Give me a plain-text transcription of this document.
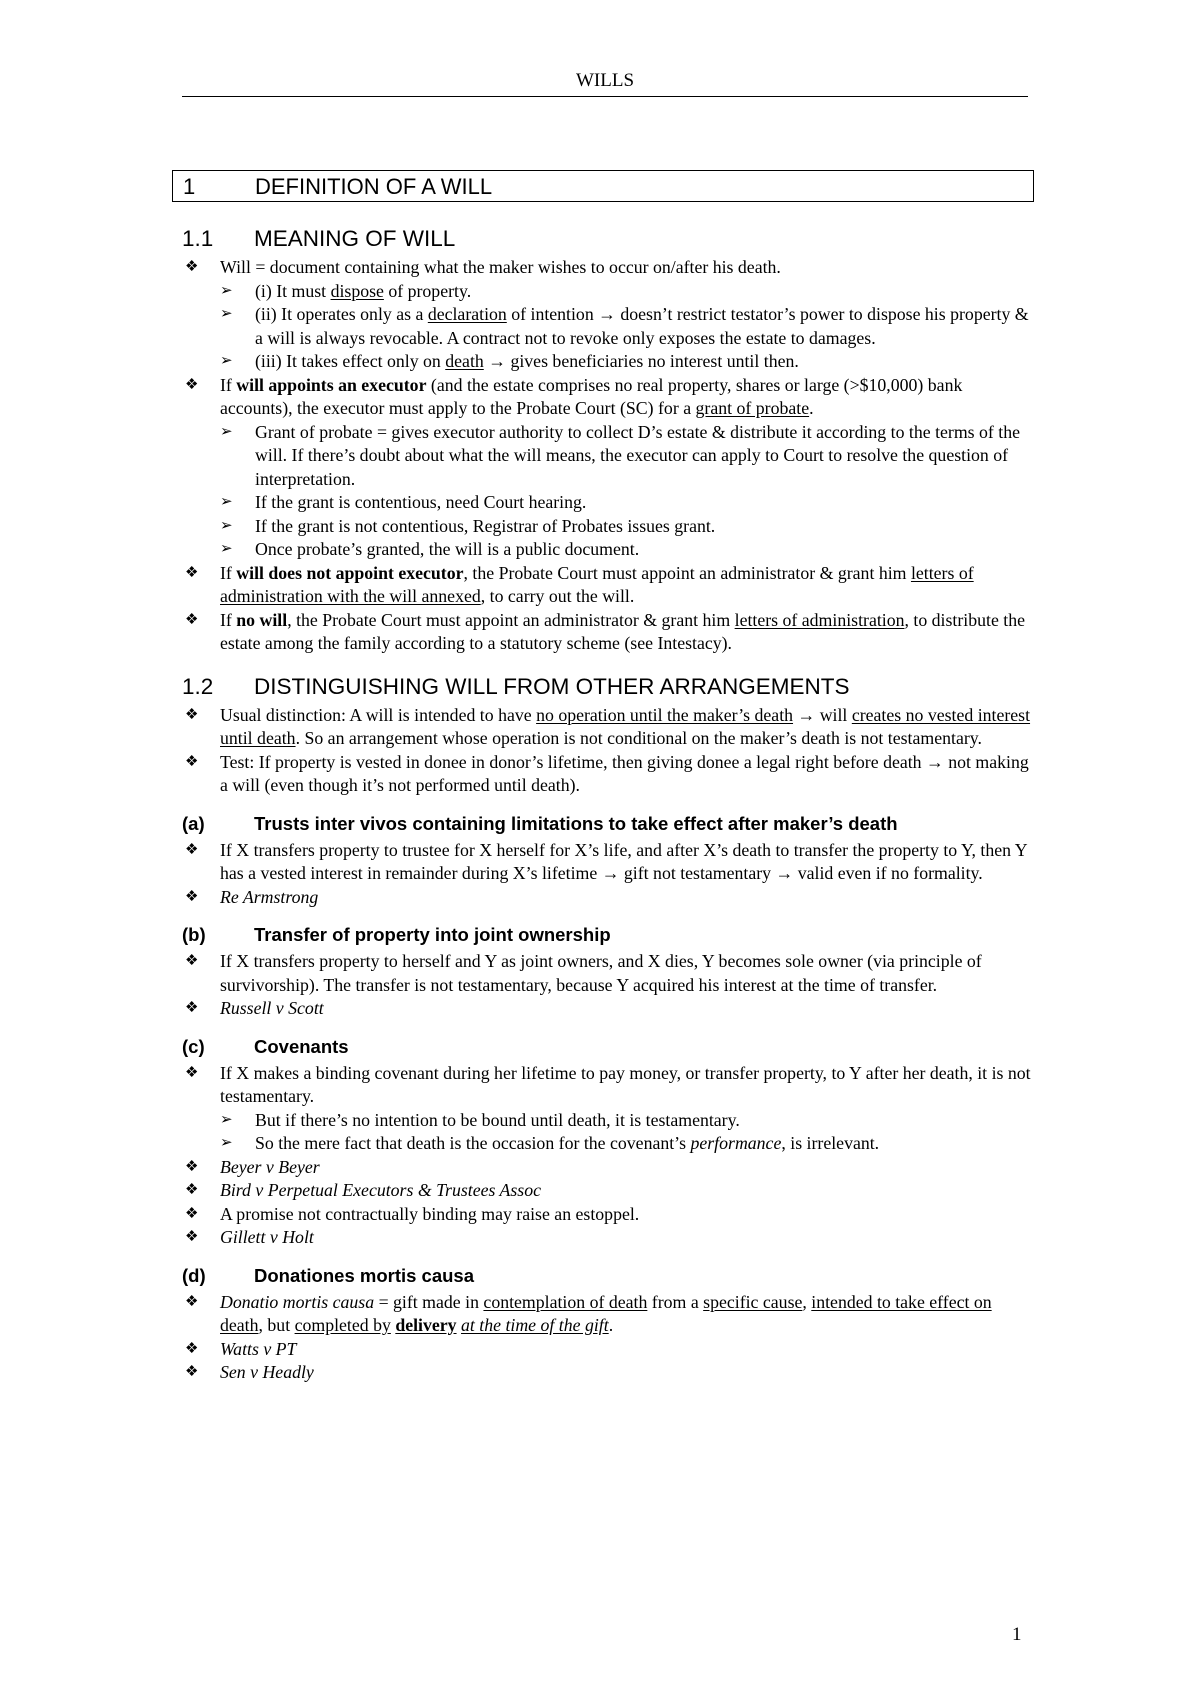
WILLS
1	DEFINITION OF A WILL
1.1 MEANING OF WILL
❖ Will = document containing what the maker wishes to occur on/after his death.
➢ (i) It must dispose of property.
➢ (ii) It operates only as a declaration of intention → doesn’t restrict testator’s power to dispose his property & a will is always revocable. A contract not to revoke only exposes the estate to damages.
➢ (iii) It takes effect only on death → gives beneficiaries no interest until then.
❖ If will appoints an executor (and the estate comprises no real property, shares or large (>$10,000) bank accounts), the executor must apply to the Probate Court (SC) for a grant of probate.
➢ Grant of probate = gives executor authority to collect D’s estate & distribute it according to the terms of the will. If there’s doubt about what the will means, the executor can apply to Court to resolve the question of interpretation.
➢ If the grant is contentious, need Court hearing.
➢ If the grant is not contentious, Registrar of Probates issues grant.
➢ Once probate’s granted, the will is a public document.
❖ If will does not appoint executor, the Probate Court must appoint an administrator & grant him letters of administration with the will annexed, to carry out the will.
❖ If no will, the Probate Court must appoint an administrator & grant him letters of administration, to distribute the estate among the family according to a statutory scheme (see Intestacy).
1.2 DISTINGUISHING WILL FROM OTHER ARRANGEMENTS
❖ Usual distinction: A will is intended to have no operation until the maker’s death → will creates no vested interest until death. So an arrangement whose operation is not conditional on the maker’s death is not testamentary.
❖ Test: If property is vested in donee in donor’s lifetime, then giving donee a legal right before death → not making a will (even though it’s not performed until death).
(a)	Trusts inter vivos containing limitations to take effect after maker’s death
❖ If X transfers property to trustee for X herself for X’s life, and after X’s death to transfer the property to Y, then Y has a vested interest in remainder during X’s lifetime → gift not testamentary → valid even if no formality.
❖ Re Armstrong
(b)	Transfer of property into joint ownership
❖ If X transfers property to herself and Y as joint owners, and X dies, Y becomes sole owner (via principle of survivorship). The transfer is not testamentary, because Y acquired his interest at the time of transfer.
❖ Russell v Scott
(c)	Covenants
❖ If X makes a binding covenant during her lifetime to pay money, or transfer property, to Y after her death, it is not testamentary.
➢ But if there’s no intention to be bound until death, it is testamentary.
➢ So the mere fact that death is the occasion for the covenant’s performance, is irrelevant.
❖ Beyer v Beyer
❖ Bird v Perpetual Executors & Trustees Assoc
❖ A promise not contractually binding may raise an estoppel.
❖ Gillett v Holt
(d)	Donationes mortis causa
❖ Donatio mortis causa = gift made in contemplation of death from a specific cause, intended to take effect on death, but completed by delivery at the time of the gift.
❖ Watts v PT
❖ Sen v Headly
1
